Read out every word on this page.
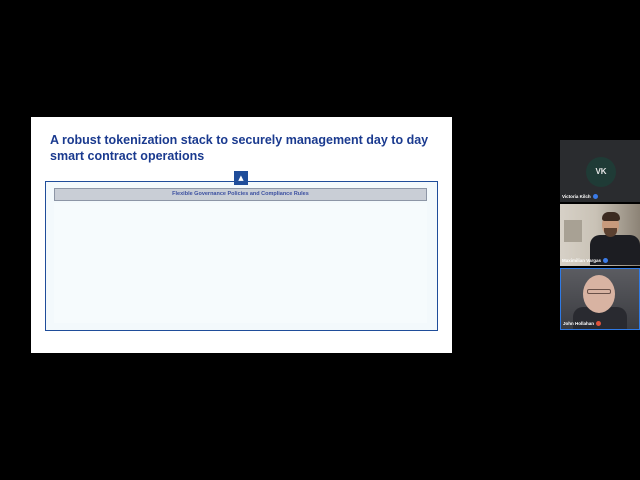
A robust tokenization stack to securely management day to day smart contract operations
▲
Flexible Governance Policies and Compliance Rules
VK
Victoria Kilch
Maximilian Vargas
John Hollahan
